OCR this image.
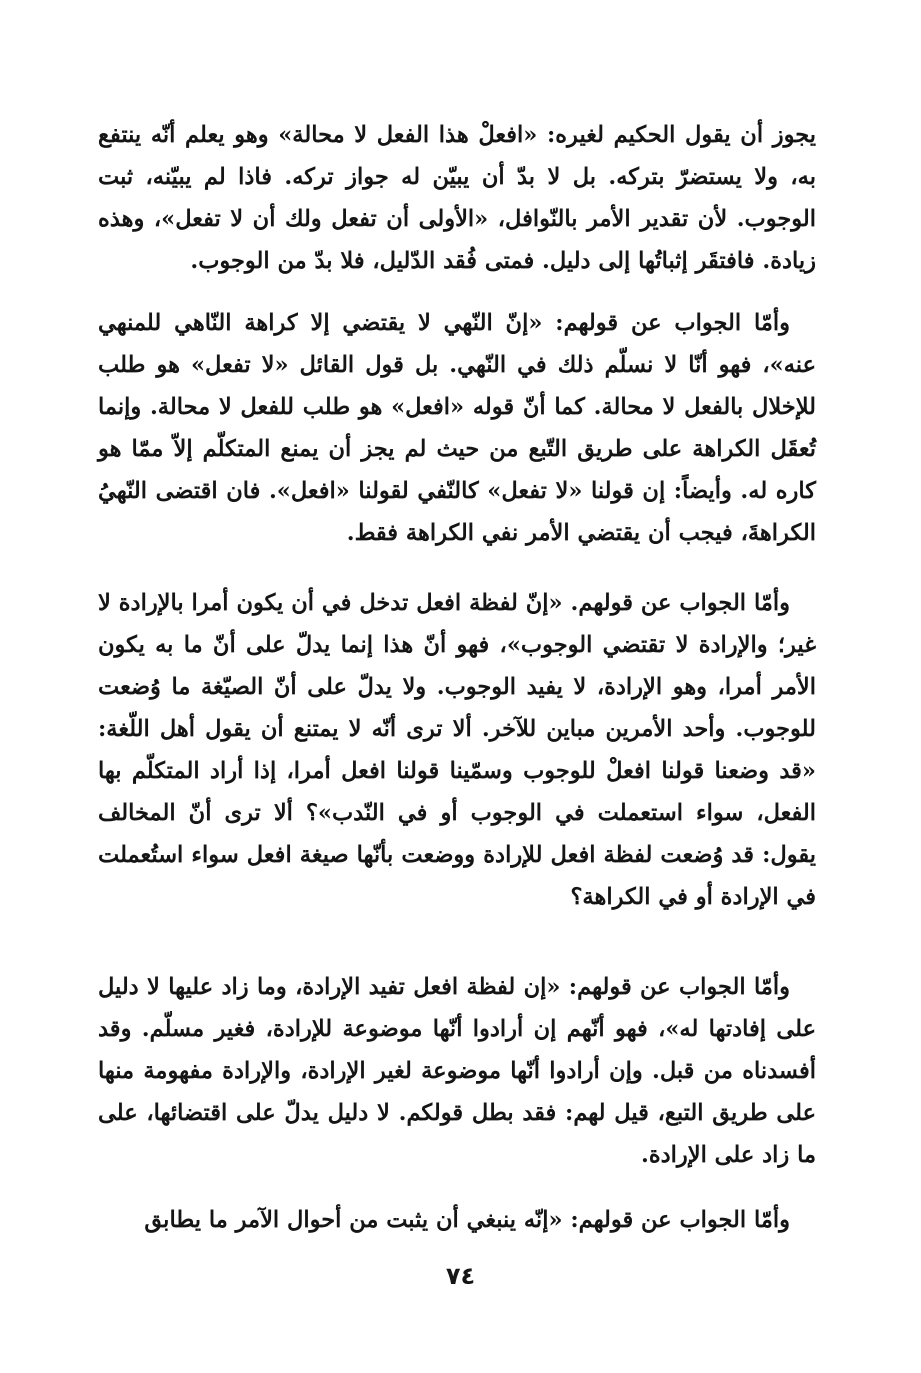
يجوز أن يقول الحكيم لغيره: «افعلْ هذا الفعل لا محالة» وهو يعلم أنّه ينتفع به، ولا يستضرّ بتركه. بل لا بدّ أن يبيّن له جواز تركه. فاذا لم يبيّنه، ثبت الوجوب. لأن تقدير الأمر بالنّوافل، «الأولى أن تفعل ولك أن لا تفعل»، وهذه زيادة. فافتقَر إثباتُها إلى دليل. فمتى فُقد الدّليل، فلا بدّ من الوجوب.

وأمّا الجواب عن قولهم: «إنّ النّهي لا يقتضي إلا كراهة النّاهي للمنهي عنه»، فهو أنّا لا نسلّم ذلك في النّهي. بل قول القائل «لا تفعل» هو طلب للإخلال بالفعل لا محالة. كما أنّ قوله «افعل» هو طلب للفعل لا محالة. وإنما تُعقَل الكراهة على طريق التّبع من حيث لم يجز أن يمنع المتكلّم إلاّ ممّا هو كاره له. وأيضاً: إن قولنا «لا تفعل» كالنّفي لقولنا «افعل». فان اقتضى النّهيُ الكراهةَ، فيجب أن يقتضي الأمر نفي الكراهة فقط.

وأمّا الجواب عن قولهم. «إنّ لفظة افعل تدخل في أن يكون أمرا بالإرادة لا غير؛ والإرادة لا تقتضي الوجوب»، فهو أنّ هذا إنما يدلّ على أنّ ما به يكون الأمر أمرا، وهو الإرادة، لا يفيد الوجوب. ولا يدلّ على أنّ الصيّغة ما وُضعت للوجوب. وأحد الأمرين مباين للآخر. ألا ترى أنّه لا يمتنع أن يقول أهل اللّغة: «قد وضعنا قولنا افعلْ للوجوب وسمّينا قولنا افعل أمرا، إذا أراد المتكلّم بها الفعل، سواء استعملت في الوجوب أو في النّدب»؟ ألا ترى أنّ المخالف يقول: قد وُضعت لفظة افعل للإرادة ووضعت بأنّها صيغة افعل سواء استُعملت في الإرادة أو في الكراهة؟

وأمّا الجواب عن قولهم: «إن لفظة افعل تفيد الإرادة، وما زاد عليها لا دليل على إفادتها له»، فهو أنّهم إن أرادوا أنّها موضوعة للإرادة، فغير مسلّم. وقد أفسدناه من قبل. وإن أرادوا أنّها موضوعة لغير الإرادة، والإرادة مفهومة منها على طريق التبع، قيل لهم: فقد بطل قولكم. لا دليل يدلّ على اقتضائها، على ما زاد على الإرادة.

وأمّا الجواب عن قولهم: «إنّه ينبغي أن يثبت من أحوال الآمر ما يطابق

٧٤
